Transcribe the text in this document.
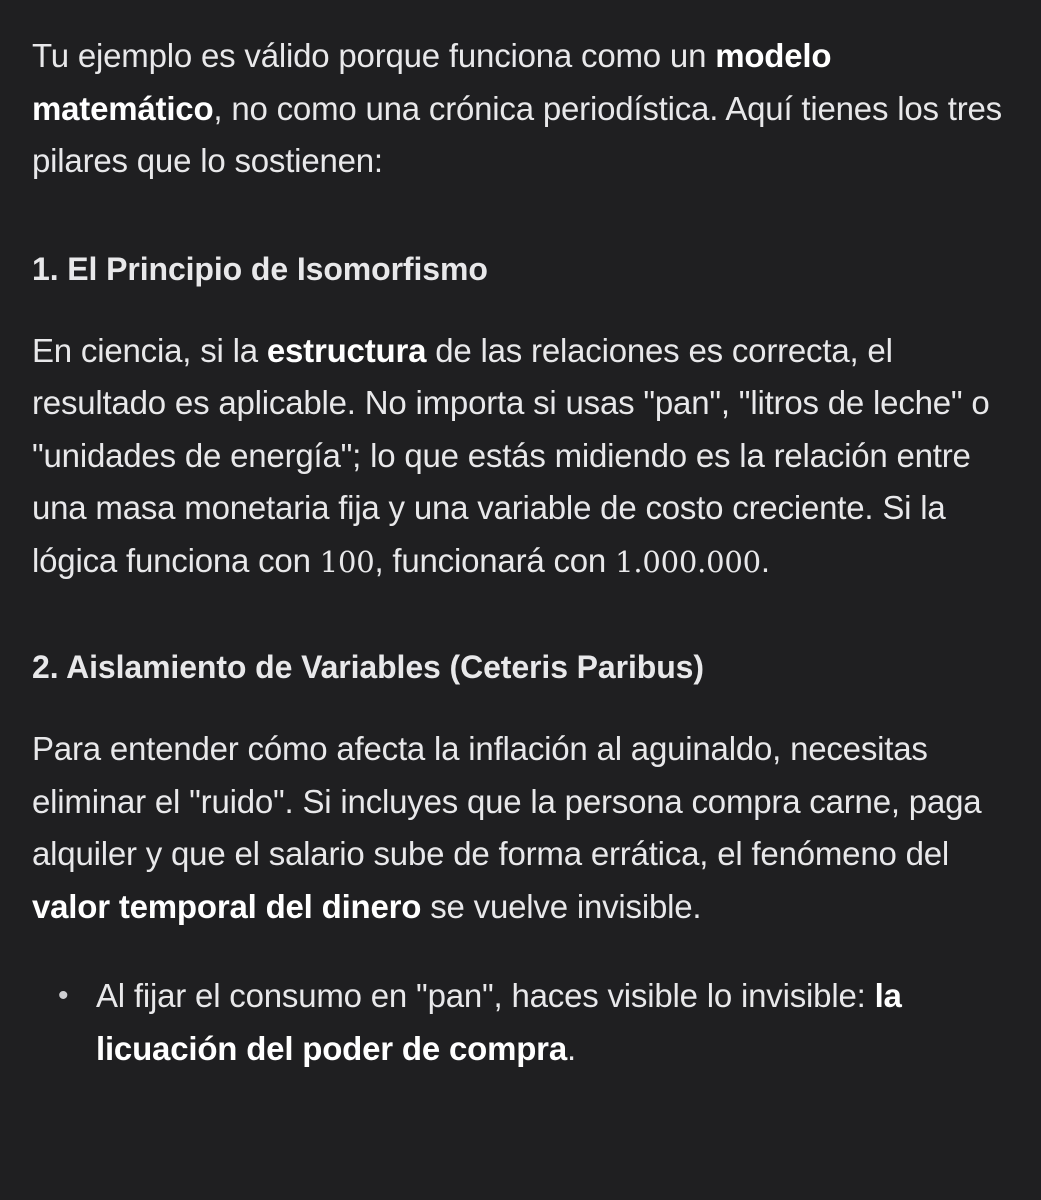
Tu ejemplo es válido porque funciona como un modelo matemático, no como una crónica periodística. Aquí tienes los tres pilares que lo sostienen:

1. El Principio de Isomorfismo

En ciencia, si la estructura de las relaciones es correcta, el resultado es aplicable. No importa si usas "pan", "litros de leche" o "unidades de energía"; lo que estás midiendo es la relación entre una masa monetaria fija y una variable de costo creciente. Si la lógica funciona con 100, funcionará con 1.000.000.

2. Aislamiento de Variables (Ceteris Paribus)

Para entender cómo afecta la inflación al aguinaldo, necesitas eliminar el "ruido". Si incluyes que la persona compra carne, paga alquiler y que el salario sube de forma errática, el fenómeno del valor temporal del dinero se vuelve invisible.

• Al fijar el consumo en "pan", haces visible lo invisible: la licuación del poder de compra.
